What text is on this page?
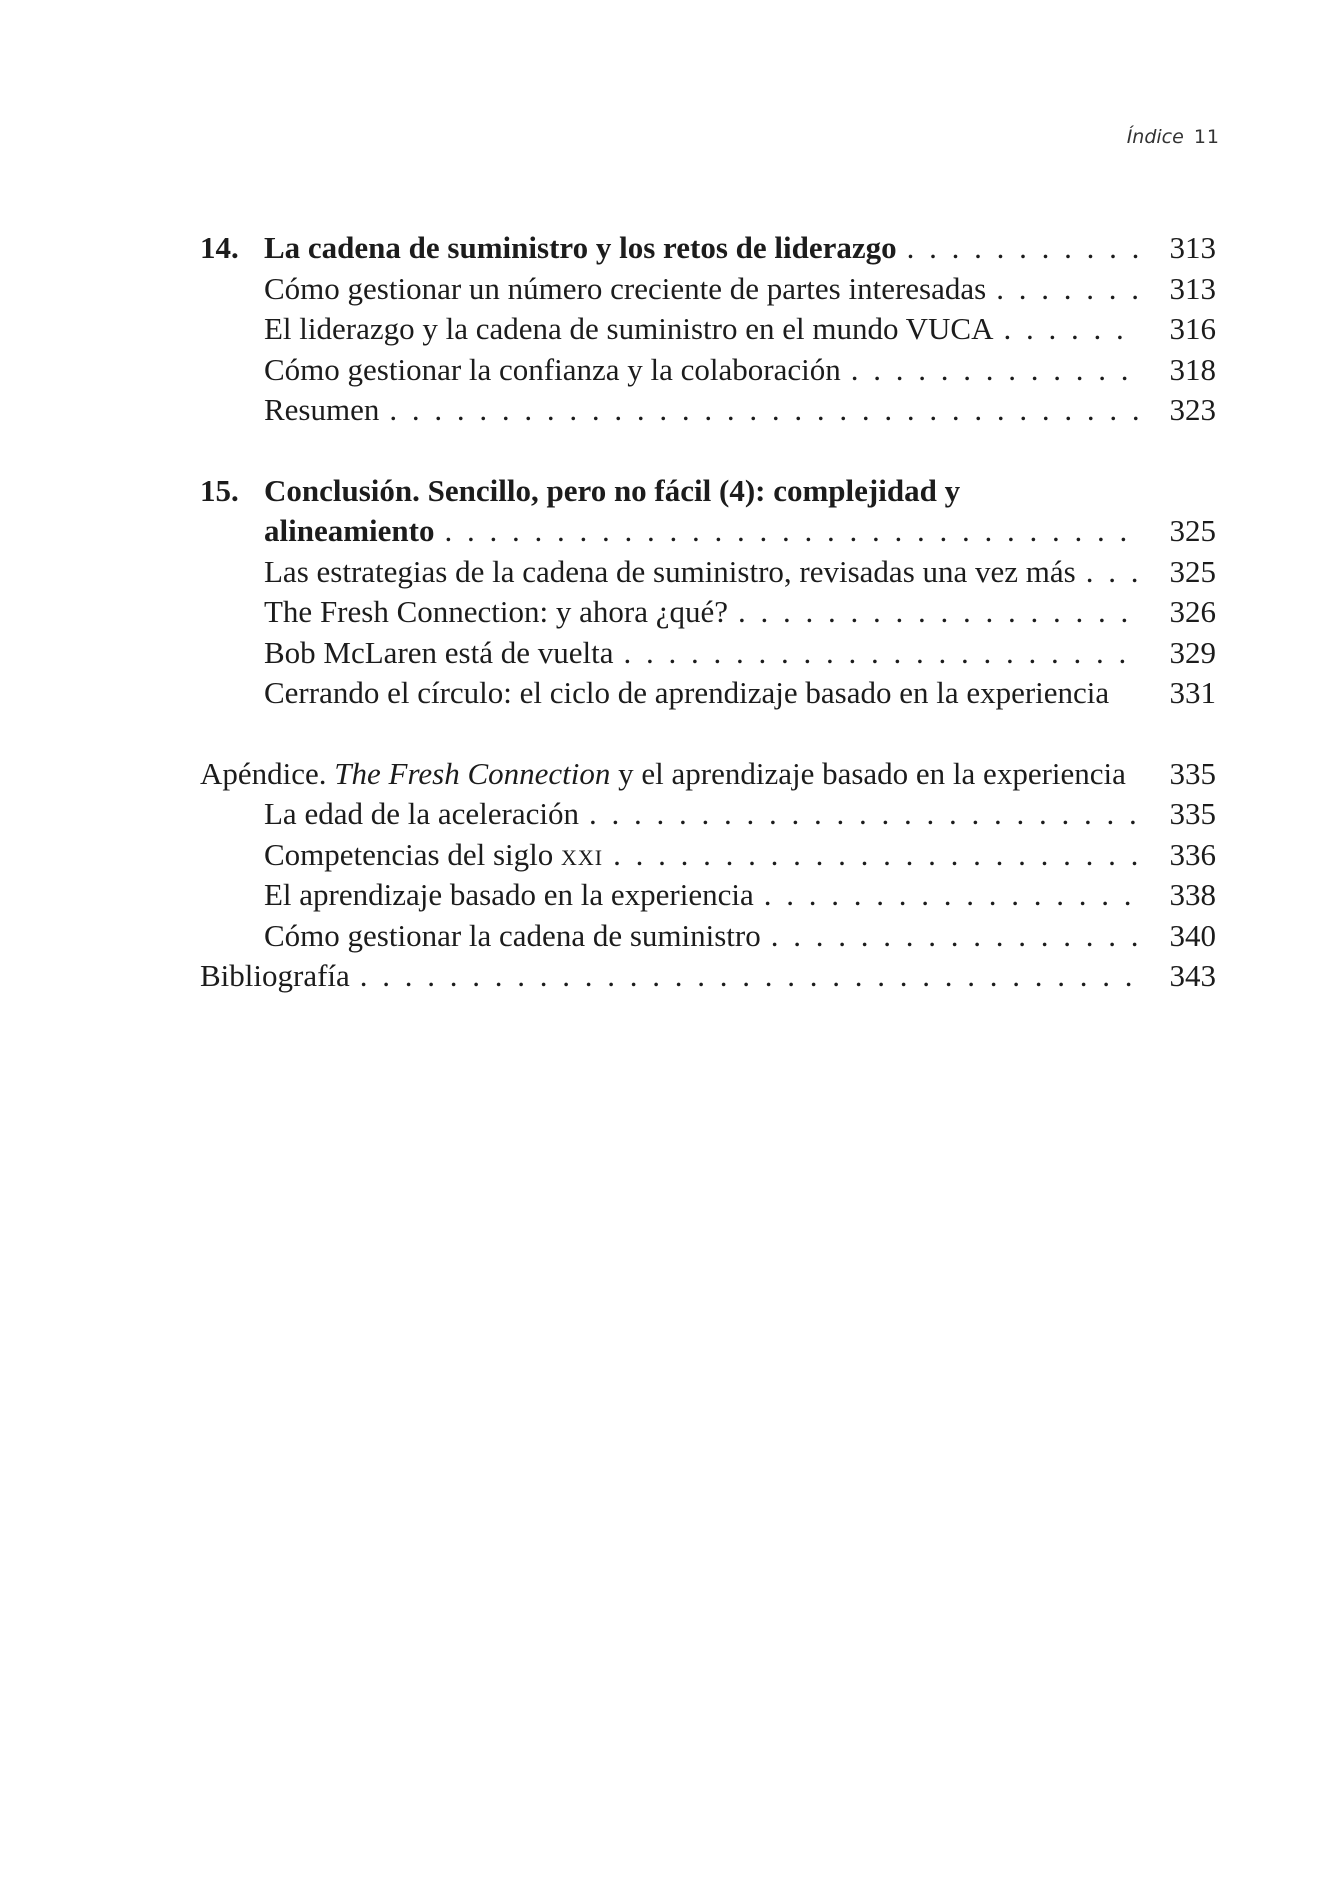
Índice 11
14. La cadena de suministro y los retos de liderazgo . . .	313
Cómo gestionar un número creciente de partes interesadas . . .	313
El liderazgo y la cadena de suministro en el mundo VUCA . . .	316
Cómo gestionar la confianza y la colaboración . . .	318
Resumen . . .	323
15. Conclusión. Sencillo, pero no fácil (4): complejidad y
alineamiento . . .	325
Las estrategias de la cadena de suministro, revisadas una vez más . . .	325
The Fresh Connection: y ahora ¿qué? . . .	326
Bob McLaren está de vuelta . . .	329
Cerrando el círculo: el ciclo de aprendizaje basado en la experiencia	331
Apéndice. The Fresh Connection y el aprendizaje basado en la experiencia	335
La edad de la aceleración . . .	335
Competencias del siglo xxi . . .	336
El aprendizaje basado en la experiencia . . .	338
Cómo gestionar la cadena de suministro . . .	340
Bibliografía . . .	343
